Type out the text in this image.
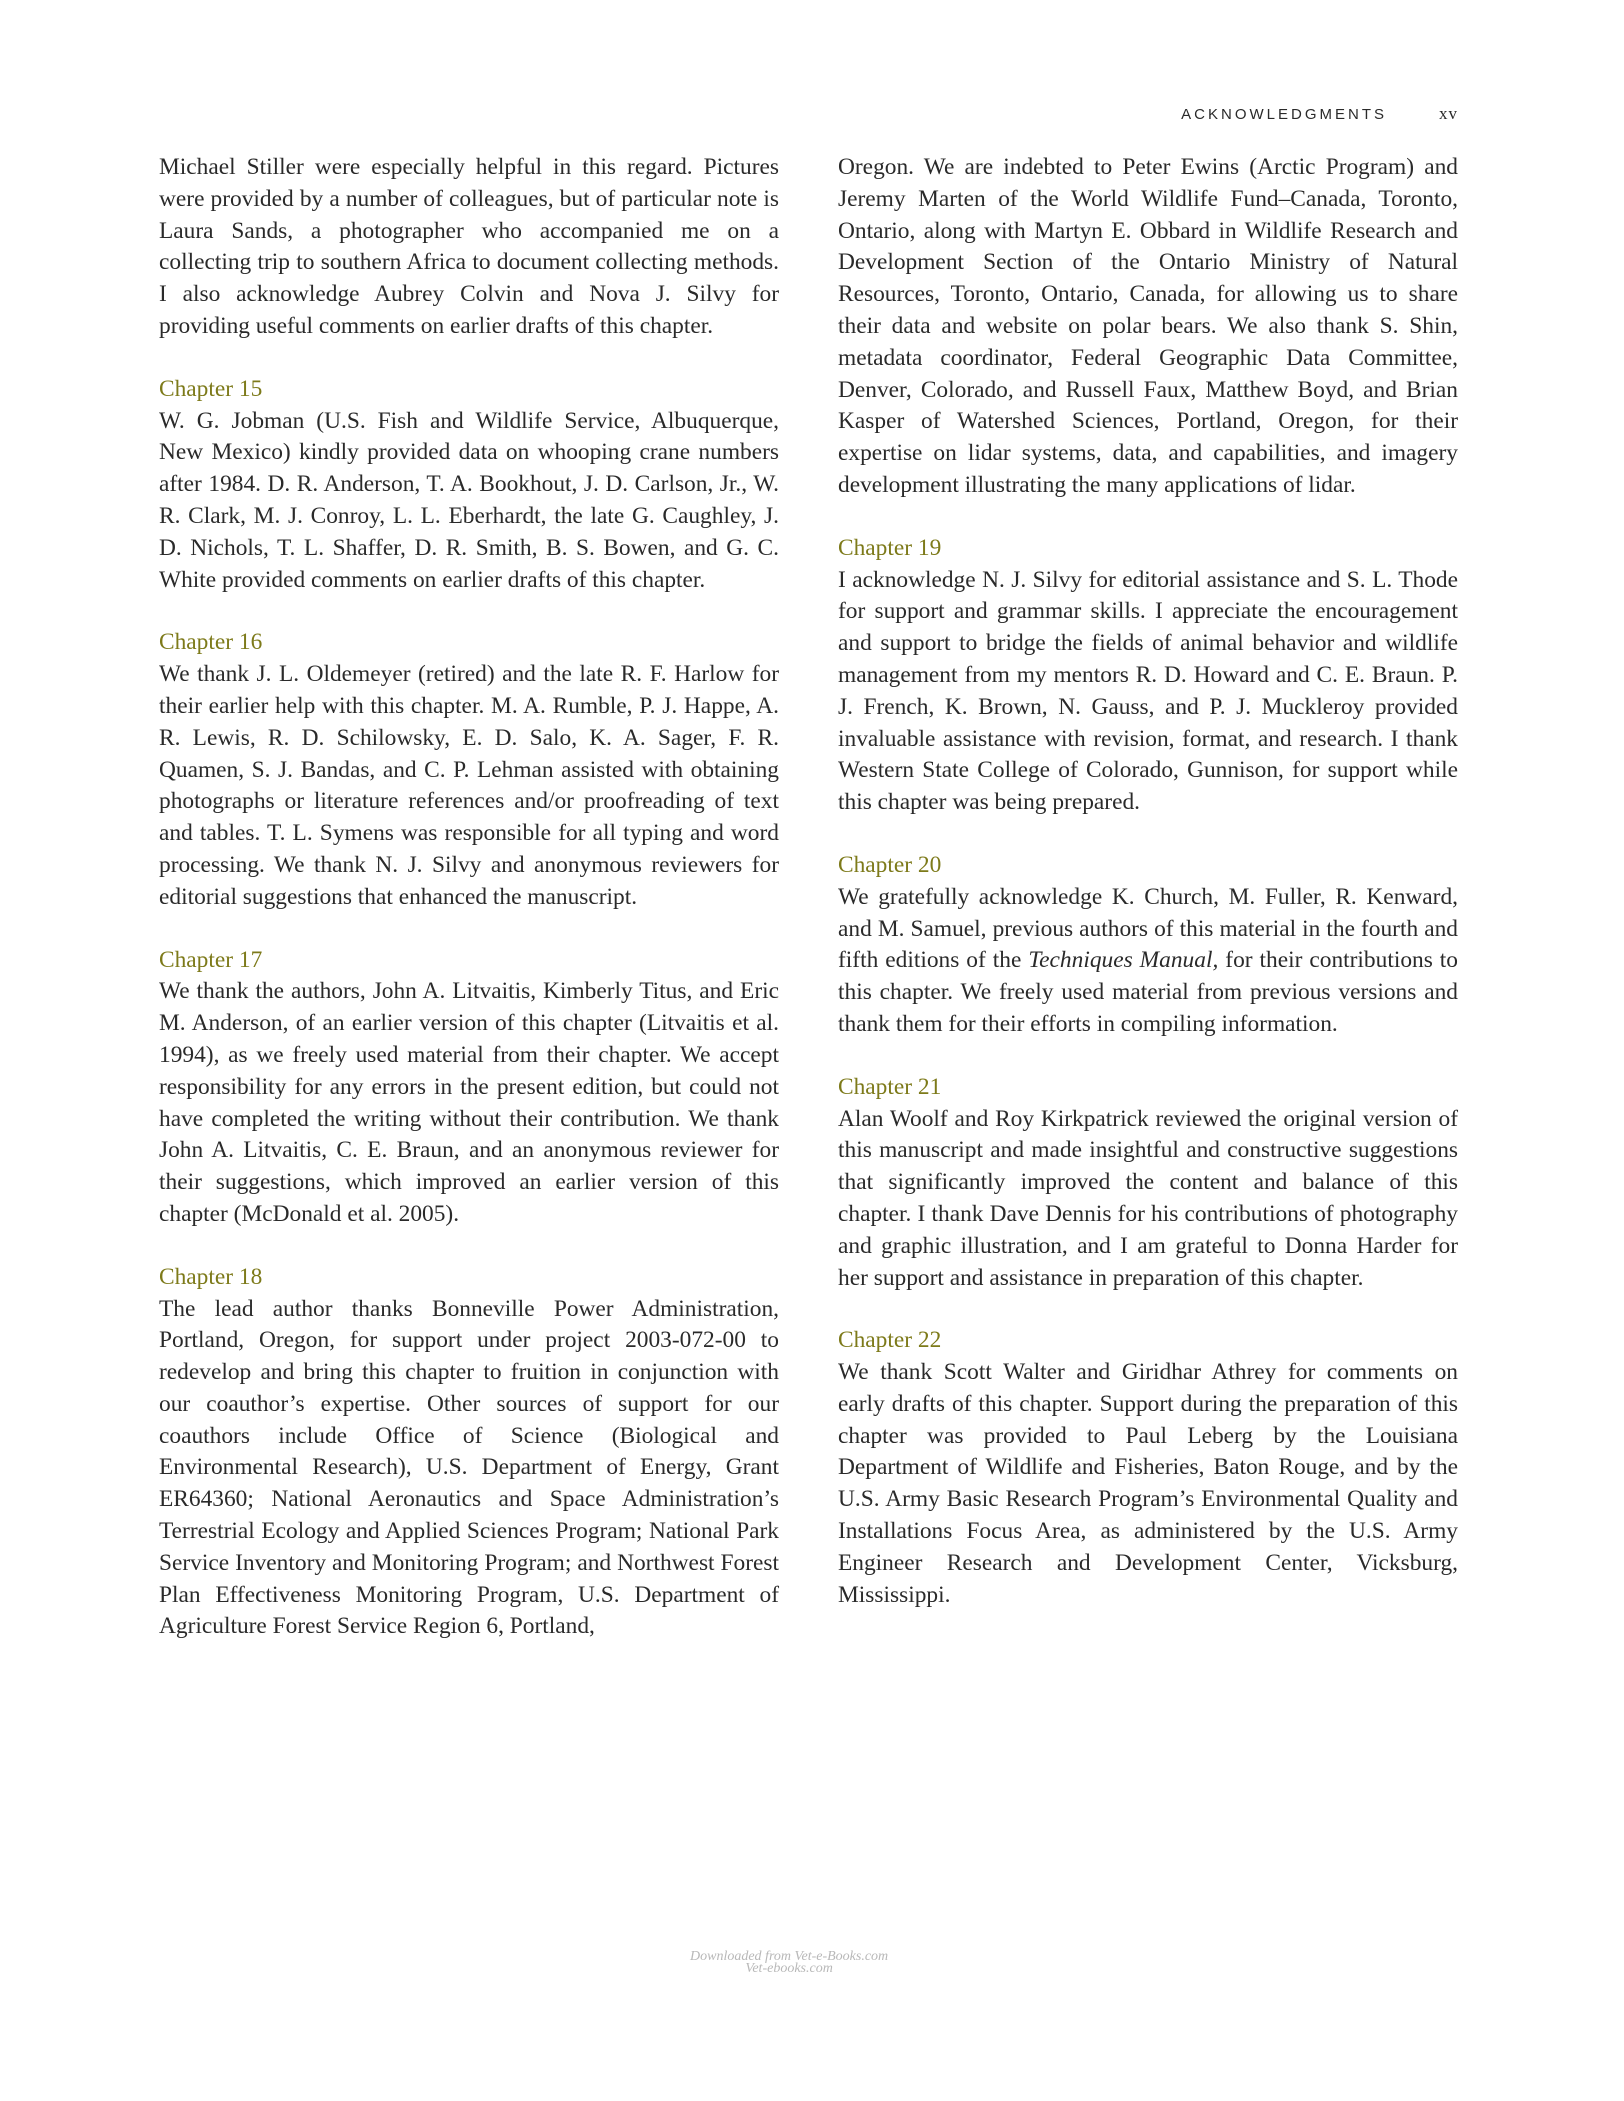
ACKNOWLEDGMENTS	xv

Michael Stiller were especially helpful in this regard. Pictures were provided by a number of colleagues, but of particular note is Laura Sands, a photographer who accompanied me on a collecting trip to southern Africa to document collecting methods. I also acknowledge Aubrey Colvin and Nova J. Silvy for providing useful comments on earlier drafts of this chapter.

Chapter 15

W. G. Jobman (U.S. Fish and Wildlife Service, Albuquerque, New Mexico) kindly provided data on whooping crane numbers after 1984. D. R. Anderson, T. A. Bookhout, J. D. Carlson, Jr., W. R. Clark, M. J. Conroy, L. L. Eberhardt, the late G. Caughley, J. D. Nichols, T. L. Shaffer, D. R. Smith, B. S. Bowen, and G. C. White provided comments on earlier drafts of this chapter.

Chapter 16

We thank J. L. Oldemeyer (retired) and the late R. F. Harlow for their earlier help with this chapter. M. A. Rumble, P. J. Happe, A. R. Lewis, R. D. Schilowsky, E. D. Salo, K. A. Sager, F. R. Quamen, S. J. Bandas, and C. P. Lehman assisted with obtaining photographs or literature references and/or proofreading of text and tables. T. L. Symens was responsible for all typing and word processing. We thank N. J. Silvy and anonymous reviewers for editorial suggestions that enhanced the manuscript.

Chapter 17

We thank the authors, John A. Litvaitis, Kimberly Titus, and Eric M. Anderson, of an earlier version of this chapter (Litvaitis et al. 1994), as we freely used material from their chapter. We accept responsibility for any errors in the present edition, but could not have completed the writing without their contribution. We thank John A. Litvaitis, C. E. Braun, and an anonymous reviewer for their suggestions, which improved an earlier version of this chapter (McDonald et al. 2005).

Chapter 18

The lead author thanks Bonneville Power Administration, Portland, Oregon, for support under project 2003-072-00 to redevelop and bring this chapter to fruition in conjunction with our coauthor’s expertise. Other sources of support for our coauthors include Office of Science (Biological and Environmental Research), U.S. Department of Energy, Grant ER64360; National Aeronautics and Space Administration’s Terrestrial Ecology and Applied Sciences Program; National Park Service Inventory and Monitoring Program; and Northwest Forest Plan Effectiveness Monitoring Program, U.S. Department of Agriculture Forest Service Region 6, Portland,

Oregon. We are indebted to Peter Ewins (Arctic Program) and Jeremy Marten of the World Wildlife Fund–Canada, Toronto, Ontario, along with Martyn E. Obbard in Wildlife Research and Development Section of the Ontario Ministry of Natural Resources, Toronto, Ontario, Canada, for allowing us to share their data and website on polar bears. We also thank S. Shin, metadata coordinator, Federal Geographic Data Committee, Denver, Colorado, and Russell Faux, Matthew Boyd, and Brian Kasper of Watershed Sciences, Portland, Oregon, for their expertise on lidar systems, data, and capabilities, and imagery development illustrating the many applications of lidar.

Chapter 19

I acknowledge N. J. Silvy for editorial assistance and S. L. Thode for support and grammar skills. I appreciate the encouragement and support to bridge the fields of animal behavior and wildlife management from my mentors R. D. Howard and C. E. Braun. P. J. French, K. Brown, N. Gauss, and P. J. Muckleroy provided invaluable assistance with revision, format, and research. I thank Western State College of Colorado, Gunnison, for support while this chapter was being prepared.

Chapter 20

We gratefully acknowledge K. Church, M. Fuller, R. Kenward, and M. Samuel, previous authors of this material in the fourth and fifth editions of the Techniques Manual, for their contributions to this chapter. We freely used material from previous versions and thank them for their efforts in compiling information.

Chapter 21

Alan Woolf and Roy Kirkpatrick reviewed the original version of this manuscript and made insightful and constructive suggestions that significantly improved the content and balance of this chapter. I thank Dave Dennis for his contributions of photography and graphic illustration, and I am grateful to Donna Harder for her support and assistance in preparation of this chapter.

Chapter 22

We thank Scott Walter and Giridhar Athrey for comments on early drafts of this chapter. Support during the preparation of this chapter was provided to Paul Leberg by the Louisiana Department of Wildlife and Fisheries, Baton Rouge, and by the U.S. Army Basic Research Program’s Environmental Quality and Installations Focus Area, as administered by the U.S. Army Engineer Research and Development Center, Vicksburg, Mississippi.

Downloaded from Vet-e-Books.com
Vet-ebooks.com
